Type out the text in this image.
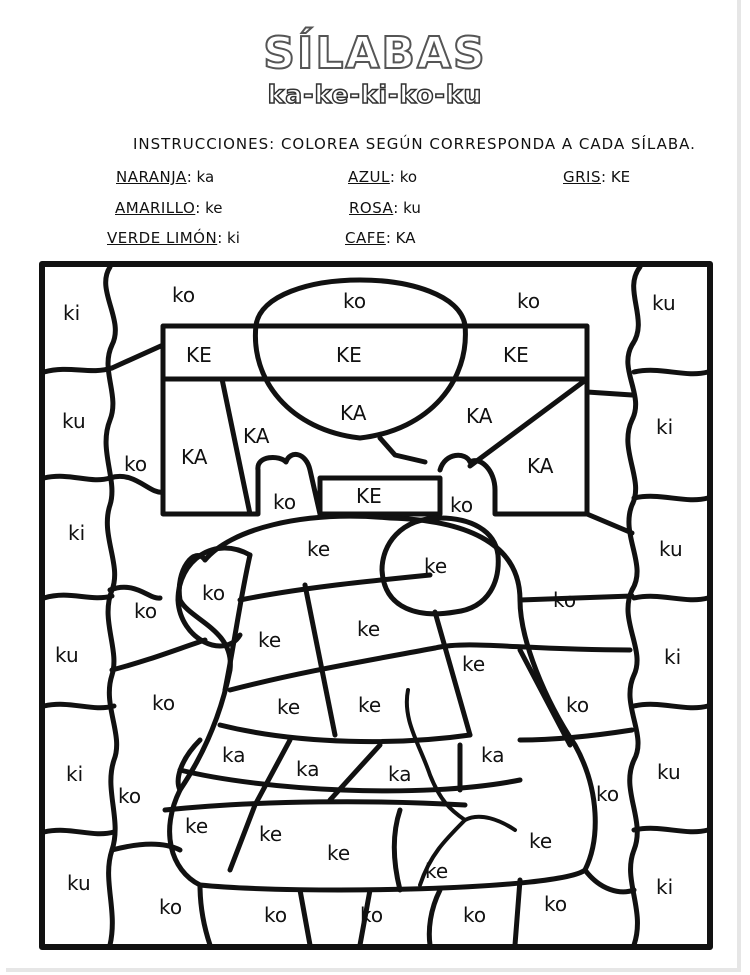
SÍLABAS
ka-ke-ki-ko-ku
INSTRUCCIONES: COLOREA SEGÚN CORRESPONDA A CADA SÍLABA.
NARANJA: ka
AMARILLO: ke
VERDE LIMÓN: ki
AZUL: ko
ROSA: ku
CAFE: KA
GRIS: KE
ki
ko	ko	ko	ku
KE	KE	KE
ku	KA	KA
KA	ki
KA
ko	KA
ko	KE	ko
ki
ke	ku
ke
ko	ko
ko
ke
ke
ku	ke	ki
ko	ke	ke	ko
ka
ka	ka
ka
ki
ko
ku
ko
ke	ke
ke	ke
ke
ku
ko	ko	ko	ko	ko
ki
